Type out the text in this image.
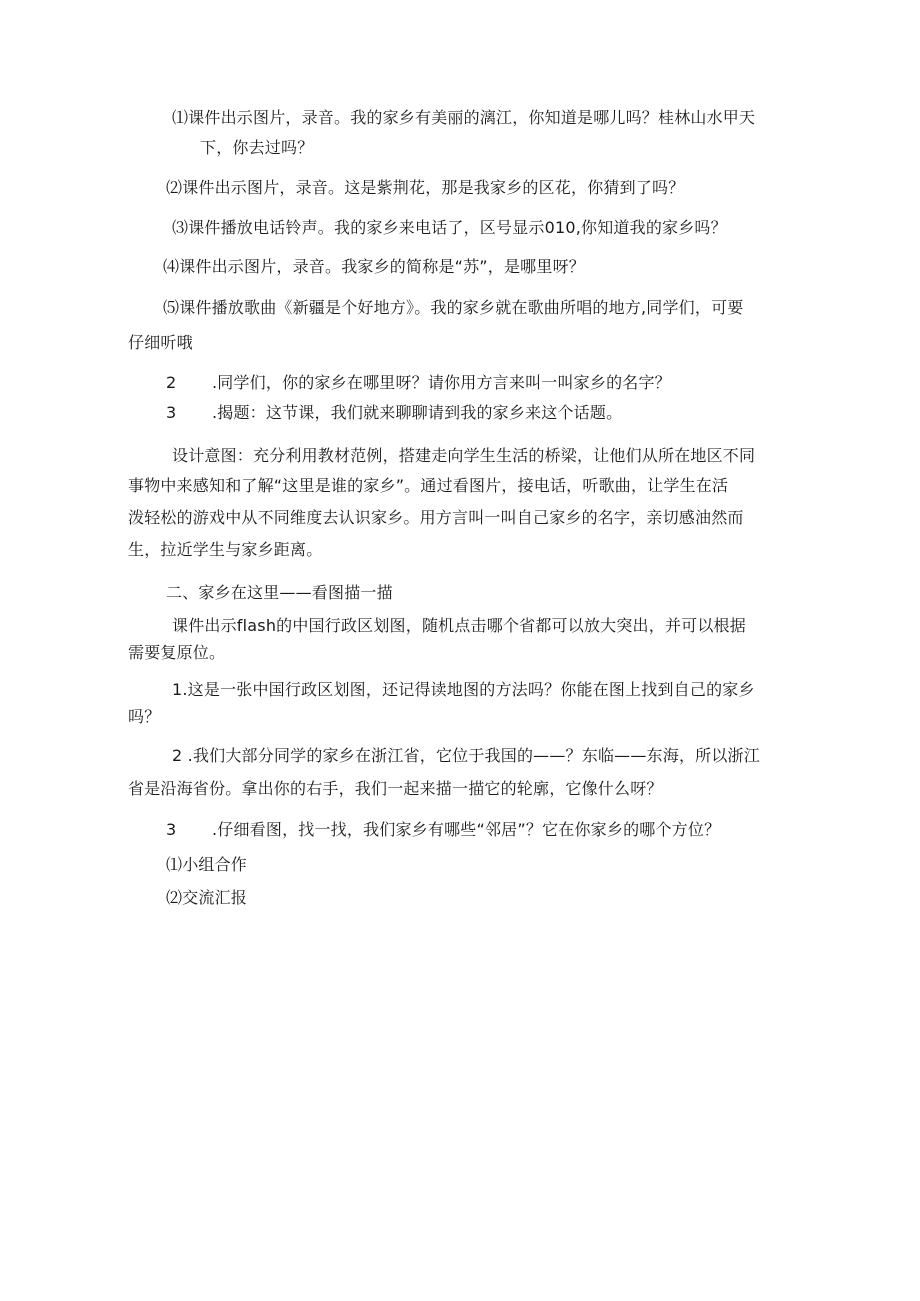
⑴课件出示图片，录音。我的家乡有美丽的漓江，你知道是哪儿吗？桂林山水甲天
下，你去过吗？
⑵课件出示图片，录音。这是紫荆花，那是我家乡的区花，你猜到了吗？
⑶课件播放电话铃声。我的家乡来电话了，区号显示010,你知道我的家乡吗？
⑷课件出示图片，录音。我家乡的简称是“苏”，是哪里呀？
⑸课件播放歌曲《新疆是个好地方》。我的家乡就在歌曲所唱的地方,同学们，可要
仔细听哦
2 .同学们，你的家乡在哪里呀？请你用方言来叫一叫家乡的名字？
3 .揭题：这节课，我们就来聊聊请到我的家乡来这个话题。
设计意图：充分利用教材范例，搭建走向学生生活的桥梁，让他们从所在地区不同
事物中来感知和了解“这里是谁的家乡”。通过看图片，接电话，听歌曲，让学生在活
泼轻松的游戏中从不同维度去认识家乡。用方言叫一叫自己家乡的名字，亲切感油然而
生，拉近学生与家乡距离。
二、家乡在这里——看图描一描
课件出示flash的中国行政区划图，随机点击哪个省都可以放大突出，并可以根据
需要复原位。
1.这是一张中国行政区划图，还记得读地图的方法吗？你能在图上找到自己的家乡
吗？
2 .我们大部分同学的家乡在浙江省，它位于我国的——？东临——东海，所以浙江
省是沿海省份。拿出你的右手，我们一起来描一描它的轮廓，它像什么呀？
3 .仔细看图，找一找，我们家乡有哪些“邻居”？它在你家乡的哪个方位？
⑴小组合作
⑵交流汇报
